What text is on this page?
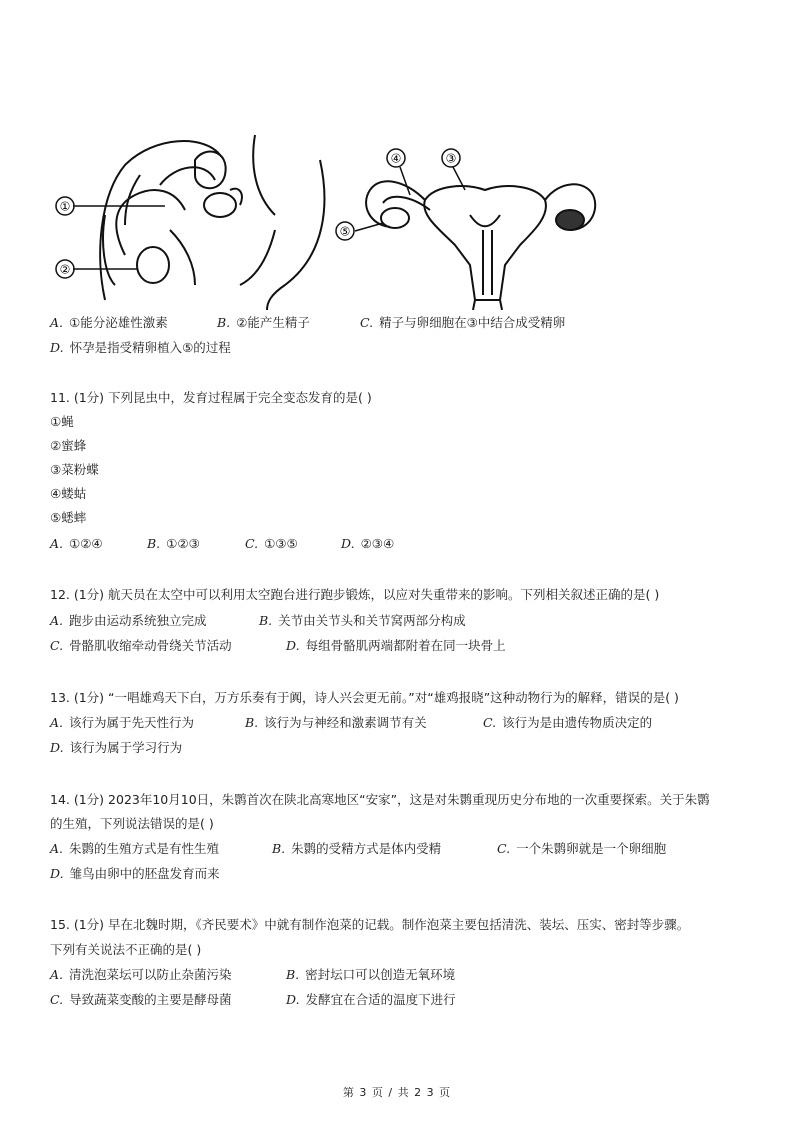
①
②
④	③
⑤
A. ①能分泌雄性激素	B. ②能产生精子	C. 精子与卵细胞在③中结合成受精卵
D. 怀孕是指受精卵植入⑤的过程
11. (1分) 下列昆虫中，发育过程属于完全变态发育的是( )
①蝇
②蜜蜂
③菜粉蝶
④蝼蛄
⑤蟋蟀
A. ①②④	B. ①②③	C. ①③⑤	D. ②③④
12. (1分) 航天员在太空中可以利用太空跑台进行跑步锻炼，以应对失重带来的影响。下列相关叙述正确的是( )
A. 跑步由运动系统独立完成	B. 关节由关节头和关节窝两部分构成
C. 骨骼肌收缩牵动骨绕关节活动	D. 每组骨骼肌两端都附着在同一块骨上
13. (1分) “一唱雄鸡天下白，万方乐奏有于阗，诗人兴会更无前。”对“雄鸡报晓”这种动物行为的解释，错误的是( )
A. 该行为属于先天性行为	B. 该行为与神经和激素调节有关	C. 该行为是由遗传物质决定的
D. 该行为属于学习行为
14. (1分) 2023年10月10日，朱鹮首次在陕北高寒地区“安家”，这是对朱鹮重现历史分布地的一次重要探索。关于朱鹮
的生殖，下列说法错误的是( )
A. 朱鹮的生殖方式是有性生殖	B. 朱鹮的受精方式是体内受精	C. 一个朱鹮卵就是一个卵细胞
D. 雏鸟由卵中的胚盘发育而来
15. (1分) 早在北魏时期，《齐民要术》中就有制作泡菜的记载。制作泡菜主要包括清洗、装坛、压实、密封等步骤。
下列有关说法不正确的是( )
A. 清洗泡菜坛可以防止杂菌污染	B. 密封坛口可以创造无氧环境
C. 导致蔬菜变酸的主要是酵母菌	D. 发酵宜在合适的温度下进行
第 3 页 / 共 2 3 页
